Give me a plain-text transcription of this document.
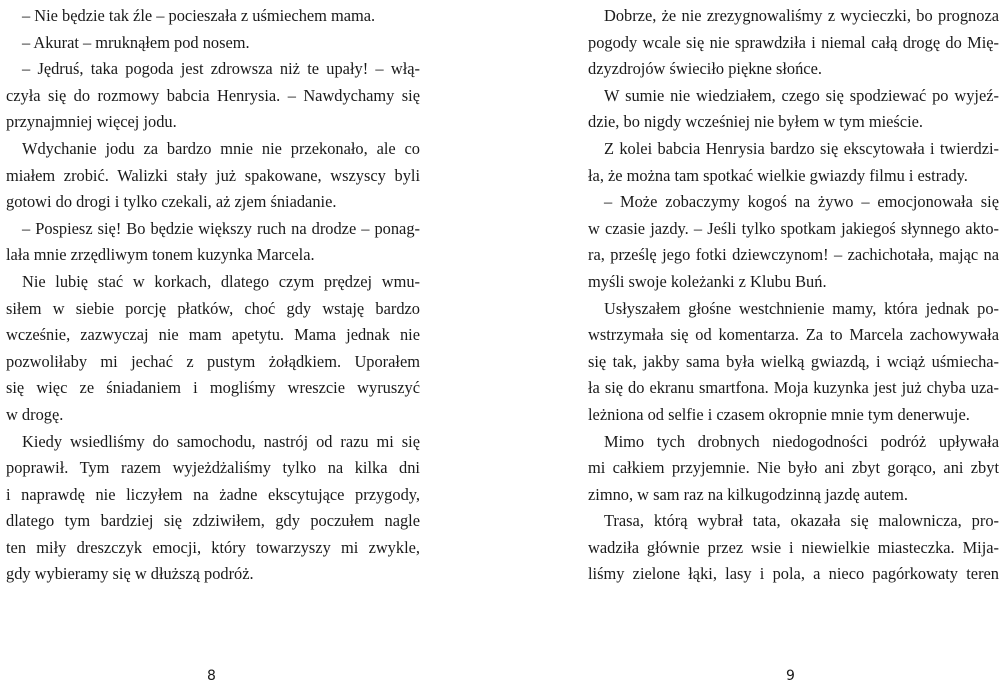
– Nie będzie tak źle – pocieszała z uśmiechem mama.
– Akurat – mruknąłem pod nosem.
– Jędruś, taka pogoda jest zdrowsza niż te upały! – włą-
czyła się do rozmowy babcia Henrysia. – Nawdychamy się
przynajmniej więcej jodu.
Wdychanie jodu za bardzo mnie nie przekonało, ale co
miałem zrobić. Walizki stały już spakowane, wszyscy byli
gotowi do drogi i tylko czekali, aż zjem śniadanie.
– Pospiesz się! Bo będzie większy ruch na drodze – ponag-
lała mnie zrzędliwym tonem kuzynka Marcela.
Nie lubię stać w korkach, dlatego czym prędzej wmu-
siłem w siebie porcję płatków, choć gdy wstaję bardzo
wcześnie, zazwyczaj nie mam apetytu. Mama jednak nie
pozwoliłaby mi jechać z pustym żołądkiem. Uporałem
się więc ze śniadaniem i mogliśmy wreszcie wyruszyć
w drogę.
Kiedy wsiedliśmy do samochodu, nastrój od razu mi się
poprawił. Tym razem wyjeżdżaliśmy tylko na kilka dni
i naprawdę nie liczyłem na żadne ekscytujące przygody,
dlatego tym bardziej się zdziwiłem, gdy poczułem nagle
ten miły dreszczyk emocji, który towarzyszy mi zwykle,
gdy wybieramy się w dłuższą podróż.
8
Dobrze, że nie zrezygnowaliśmy z wycieczki, bo prognoza
pogody wcale się nie sprawdziła i niemal całą drogę do Mię-
dzyzdrojów świeciło piękne słońce.
W sumie nie wiedziałem, czego się spodziewać po wyjeź-
dzie, bo nigdy wcześniej nie byłem w tym mieście.
Z kolei babcia Henrysia bardzo się ekscytowała i twierdzi-
ła, że można tam spotkać wielkie gwiazdy filmu i estrady.
– Może zobaczymy kogoś na żywo – emocjonowała się
w czasie jazdy. – Jeśli tylko spotkam jakiegoś słynnego akto-
ra, prześlę jego fotki dziewczynom! – zachichotała, mając na
myśli swoje koleżanki z Klubu Buń.
Usłyszałem głośne westchnienie mamy, która jednak po-
wstrzymała się od komentarza. Za to Marcela zachowywała
się tak, jakby sama była wielką gwiazdą, i wciąż uśmiecha-
ła się do ekranu smartfona. Moja kuzynka jest już chyba uza-
leżniona od selfie i czasem okropnie mnie tym denerwuje.
Mimo tych drobnych niedogodności podróż upływała
mi całkiem przyjemnie. Nie było ani zbyt gorąco, ani zbyt
zimno, w sam raz na kilkugodzinną jazdę autem.
Trasa, którą wybrał tata, okazała się malownicza, pro-
wadziła głównie przez wsie i niewielkie miasteczka. Mija-
liśmy zielone łąki, lasy i pola, a nieco pagórkowaty teren
9
